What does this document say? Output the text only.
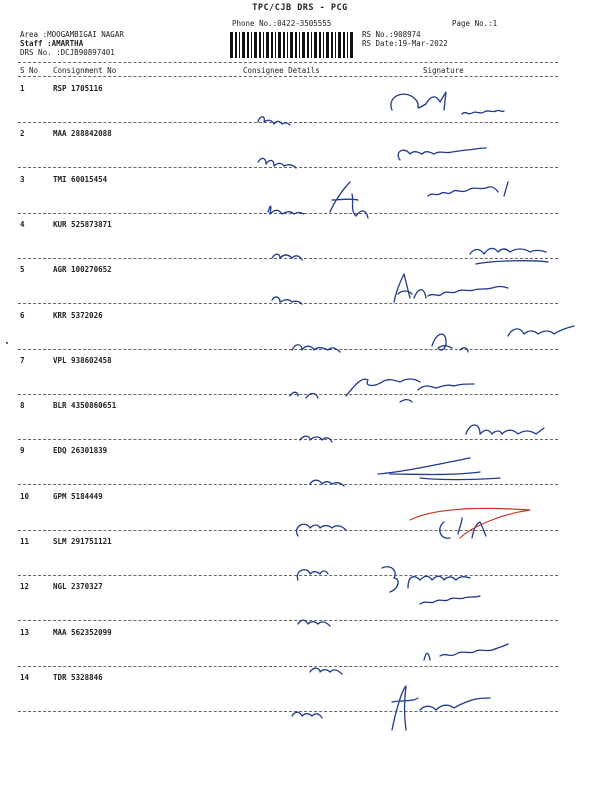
TPC/CJB DRS - PCG
Phone No.:0422-3505555	Page No.:1
Area :MOOGAMBIGAI NAGAR
Staff :AMARTHA
DRS No. :DCJB90897401
RS No.:908974
RS Date:19-Mar-2022
S No Consignment No	Consignee Details	Signature
1	RSP 1705116
2	MAA 288842088
3	TMI 60015454
4	KUR 525873871
5	AGR 100270652
6	KRR 5372026
7	VPL 938602458
8	BLR 4350860651
9	EDQ 26301839
10	GPM 5184449
11	SLM 291751121
12	NGL 2370327
13	MAA 562352099
14	TDR 5328846
